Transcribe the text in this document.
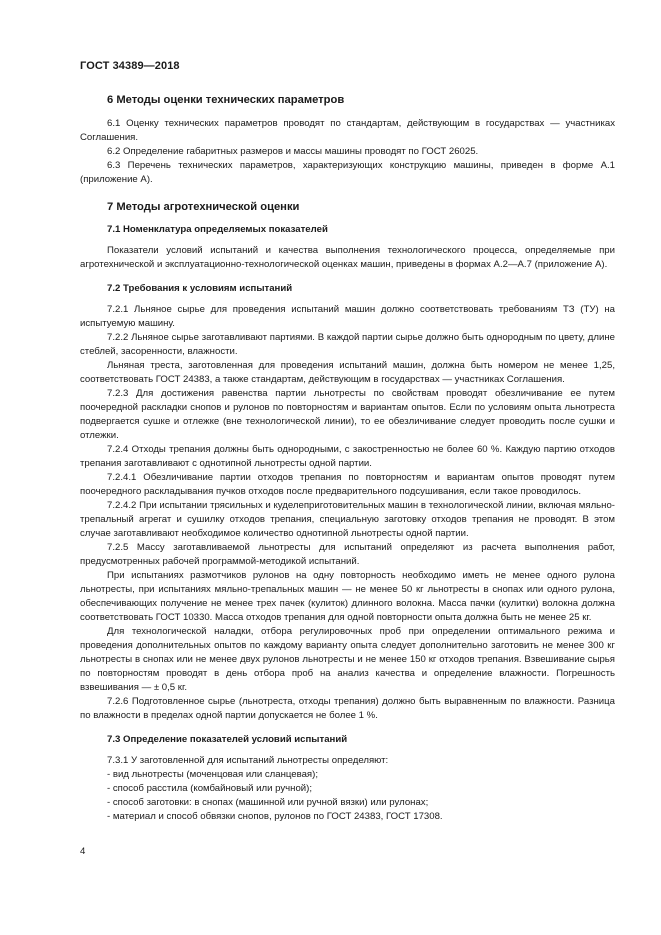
ГОСТ 34389—2018
6 Методы оценки технических параметров

6.1 Оценку технических параметров проводят по стандартам, действующим в государствах — участниках Соглашения.

6.2 Определение габаритных размеров и массы машины проводят по ГОСТ 26025.

6.3 Перечень технических параметров, характеризующих конструкцию машины, приведен в форме А.1 (приложение А).

7 Методы агротехнической оценки
7.1 Номенклатура определяемых показателей

Показатели условий испытаний и качества выполнения технологического процесса, определяемые при агротехнической и эксплуатационно-технологической оценках машин, приведены в формах А.2—А.7 (приложение А).

7.2 Требования к условиям испытаний

7.2.1 Льняное сырье для проведения испытаний машин должно соответствовать требованиям ТЗ (ТУ) на испытуемую машину.

7.2.2 Льняное сырье заготавливают партиями. В каждой партии сырье должно быть однородным по цвету, длине стеблей, засоренности, влажности.

Льняная треста, заготовленная для проведения испытаний машин, должна быть номером не менее 1,25, соответствовать ГОСТ 24383, а также стандартам, действующим в государствах — участниках Соглашения.

7.2.3 Для достижения равенства партии льнотресты по свойствам проводят обезличивание ее путем поочередной раскладки снопов и рулонов по повторностям и вариантам опытов. Если по условиям опыта льнотреста подвергается сушке и отлежке (вне технологической линии), то ее обезличивание следует проводить после сушки и отлежки.

7.2.4 Отходы трепания должны быть однородными, с закостренностью не более 60 %. Каждую партию отходов трепания заготавливают с однотипной льнотресты одной партии.

7.2.4.1 Обезличивание партии отходов трепания по повторностям и вариантам опытов проводят путем поочередного раскладывания пучков отходов после предварительного подсушивания, если такое проводилось.

7.2.4.2 При испытании трясильных и куделеприготовительных машин в технологической линии, включая мяльно-трепальный агрегат и сушилку отходов трепания, специальную заготовку отходов трепания не проводят. В этом случае заготавливают необходимое количество однотипной льнотресты одной партии.

7.2.5 Массу заготавливаемой льнотресты для испытаний определяют из расчета выполнения работ, предусмотренных рабочей программой-методикой испытаний.

При испытаниях размотчиков рулонов на одну повторность необходимо иметь не менее одного рулона льнотресты, при испытаниях мяльно-трепальных машин — не менее 50 кг льнотресты в снопах или одного рулона, обеспечивающих получение не менее трех пачек (кулиток) длинного волокна. Масса пачки (кулитки) волокна должна соответствовать ГОСТ 10330. Масса отходов трепания для одной повторности опыта должна быть не менее 25 кг.

Для технологической наладки, отбора регулировочных проб при определении оптимального режима и проведения дополнительных опытов по каждому варианту опыта следует дополнительно заготовить не менее 300 кг льнотресты в снопах или не менее двух рулонов льнотресты и не менее 150 кг отходов трепания. Взвешивание сырья по повторностям проводят в день отбора проб на анализ качества и определение влажности. Погрешность взвешивания — ± 0,5 кг.

7.2.6 Подготовленное сырье (льнотреста, отходы трепания) должно быть выравненным по влажности. Разница по влажности в пределах одной партии допускается не более 1 %.

7.3 Определение показателей условий испытаний

7.3.1 У заготовленной для испытаний льнотресты определяют:

- вид льнотресты (моченцовая или сланцевая);

- способ расстила (комбайновый или ручной);

- способ заготовки: в снопах (машинной или ручной вязки) или рулонах;

- материал и способ обвязки снопов, рулонов по ГОСТ 24383, ГОСТ 17308.

4
